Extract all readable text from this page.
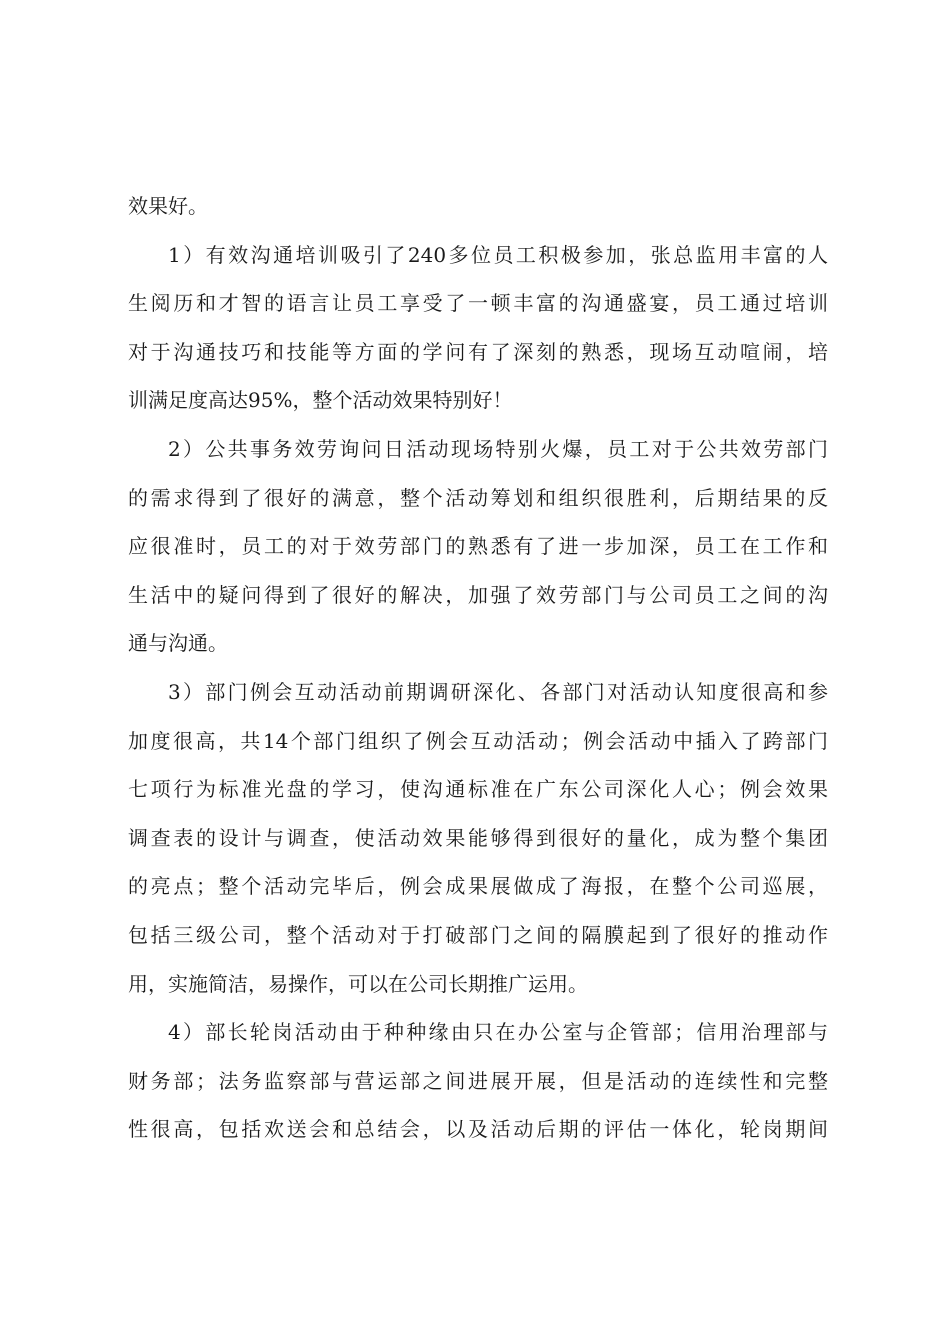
效果好。
1）有效沟通培训吸引了240多位员工积极参加，张总监用丰富的人
生阅历和才智的语言让员工享受了一顿丰富的沟通盛宴，员工通过培训
对于沟通技巧和技能等方面的学问有了深刻的熟悉，现场互动喧闹，培
训满足度高达95%，整个活动效果特别好！
2）公共事务效劳询问日活动现场特别火爆，员工对于公共效劳部门
的需求得到了很好的满意，整个活动筹划和组织很胜利，后期结果的反
应很准时，员工的对于效劳部门的熟悉有了进一步加深，员工在工作和
生活中的疑问得到了很好的解决，加强了效劳部门与公司员工之间的沟
通与沟通。
3）部门例会互动活动前期调研深化、各部门对活动认知度很高和参
加度很高，共14个部门组织了例会互动活动；例会活动中插入了跨部门
七项行为标准光盘的学习，使沟通标准在广东公司深化人心；例会效果
调查表的设计与调查，使活动效果能够得到很好的量化，成为整个集团
的亮点；整个活动完毕后，例会成果展做成了海报，在整个公司巡展，
包括三级公司，整个活动对于打破部门之间的隔膜起到了很好的推动作
用，实施简洁，易操作，可以在公司长期推广运用。
4）部长轮岗活动由于种种缘由只在办公室与企管部；信用治理部与
财务部；法务监察部与营运部之间进展开展，但是活动的连续性和完整
性很高，包括欢送会和总结会，以及活动后期的评估一体化，轮岗期间
